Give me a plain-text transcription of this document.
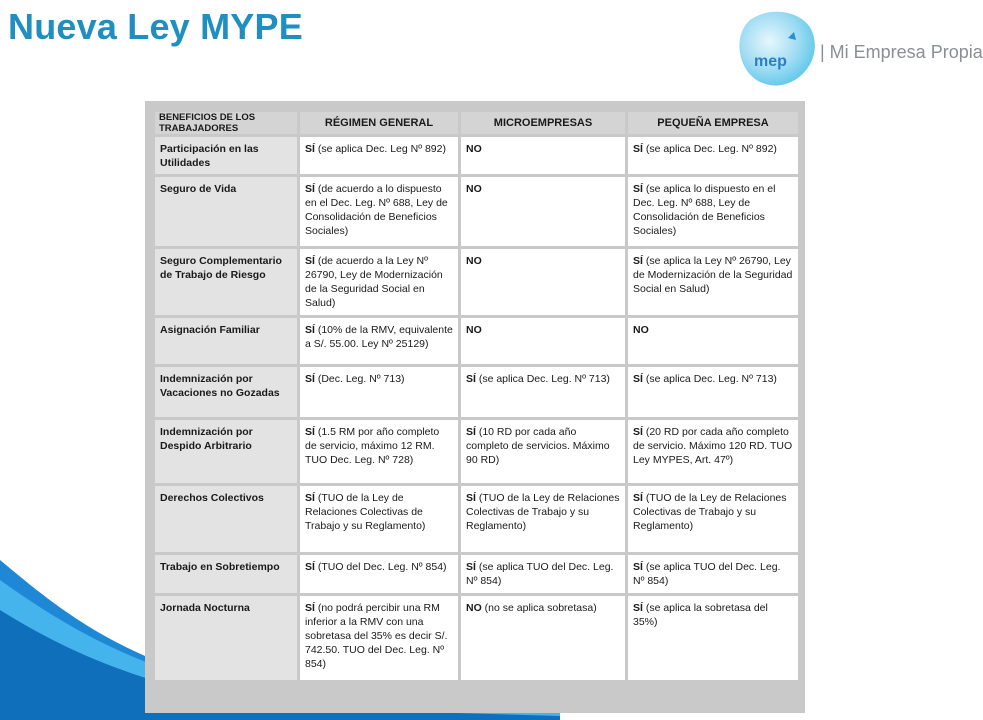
Nueva Ley MYPE
mep | Mi Empresa Propia
BENEFICIOS DE LOS TRABAJADORES	RÉGIMEN GENERAL	MICROEMPRESAS	PEQUEÑA EMPRESA
Participación en las Utilidades	SÍ (se aplica Dec. Leg Nº 892)	NO	SÍ (se aplica Dec. Leg. Nº 892)
Seguro de Vida	SÍ (de acuerdo a lo dispuesto en el Dec. Leg. Nº 688, Ley de Consolidación de Beneficios Sociales)	NO	SÍ (se aplica lo dispuesto en el Dec. Leg. Nº 688, Ley de Consolidación de Beneficios Sociales)
Seguro Complementario de Trabajo de Riesgo	SÍ (de acuerdo a la Ley Nº 26790, Ley de Modernización de la Seguridad Social en Salud)	NO	SÍ (se aplica la Ley Nº 26790, Ley de Modernización de la Seguridad Social en Salud)
Asignación Familiar	SÍ (10% de la RMV, equivalente a S/. 55.00. Ley Nº 25129)	NO	NO
Indemnización por Vacaciones no Gozadas	SÍ (Dec. Leg. Nº 713)	SÍ (se aplica Dec. Leg. Nº 713)	SÍ (se aplica Dec. Leg. Nº 713)
Indemnización por Despido Arbitrario	SÍ (1.5 RM por año completo de servicio, máximo 12 RM. TUO Dec. Leg. Nº 728)	SÍ (10 RD por cada año completo de servicios. Máximo 90 RD)	SÍ (20 RD por cada año completo de servicio. Máximo 120 RD. TUO Ley MYPES, Art. 47º)
Derechos Colectivos	SÍ (TUO de la Ley de Relaciones Colectivas de Trabajo y su Reglamento)	SÍ (TUO de la Ley de Relaciones Colectivas de Trabajo y su Reglamento)	SÍ (TUO de la Ley de Relaciones Colectivas de Trabajo y su Reglamento)
Trabajo en Sobretiempo	SÍ (TUO del Dec. Leg. Nº 854)	SÍ (se aplica TUO del Dec. Leg. Nº 854)	SÍ (se aplica TUO del Dec. Leg. Nº 854)
Jornada Nocturna	SÍ (no podrá percibir una RM inferior a la RMV con una sobretasa del 35% es decir S/. 742.50. TUO del Dec. Leg. Nº 854)	NO (no se aplica sobretasa)	SÍ (se aplica la sobretasa del 35%)
